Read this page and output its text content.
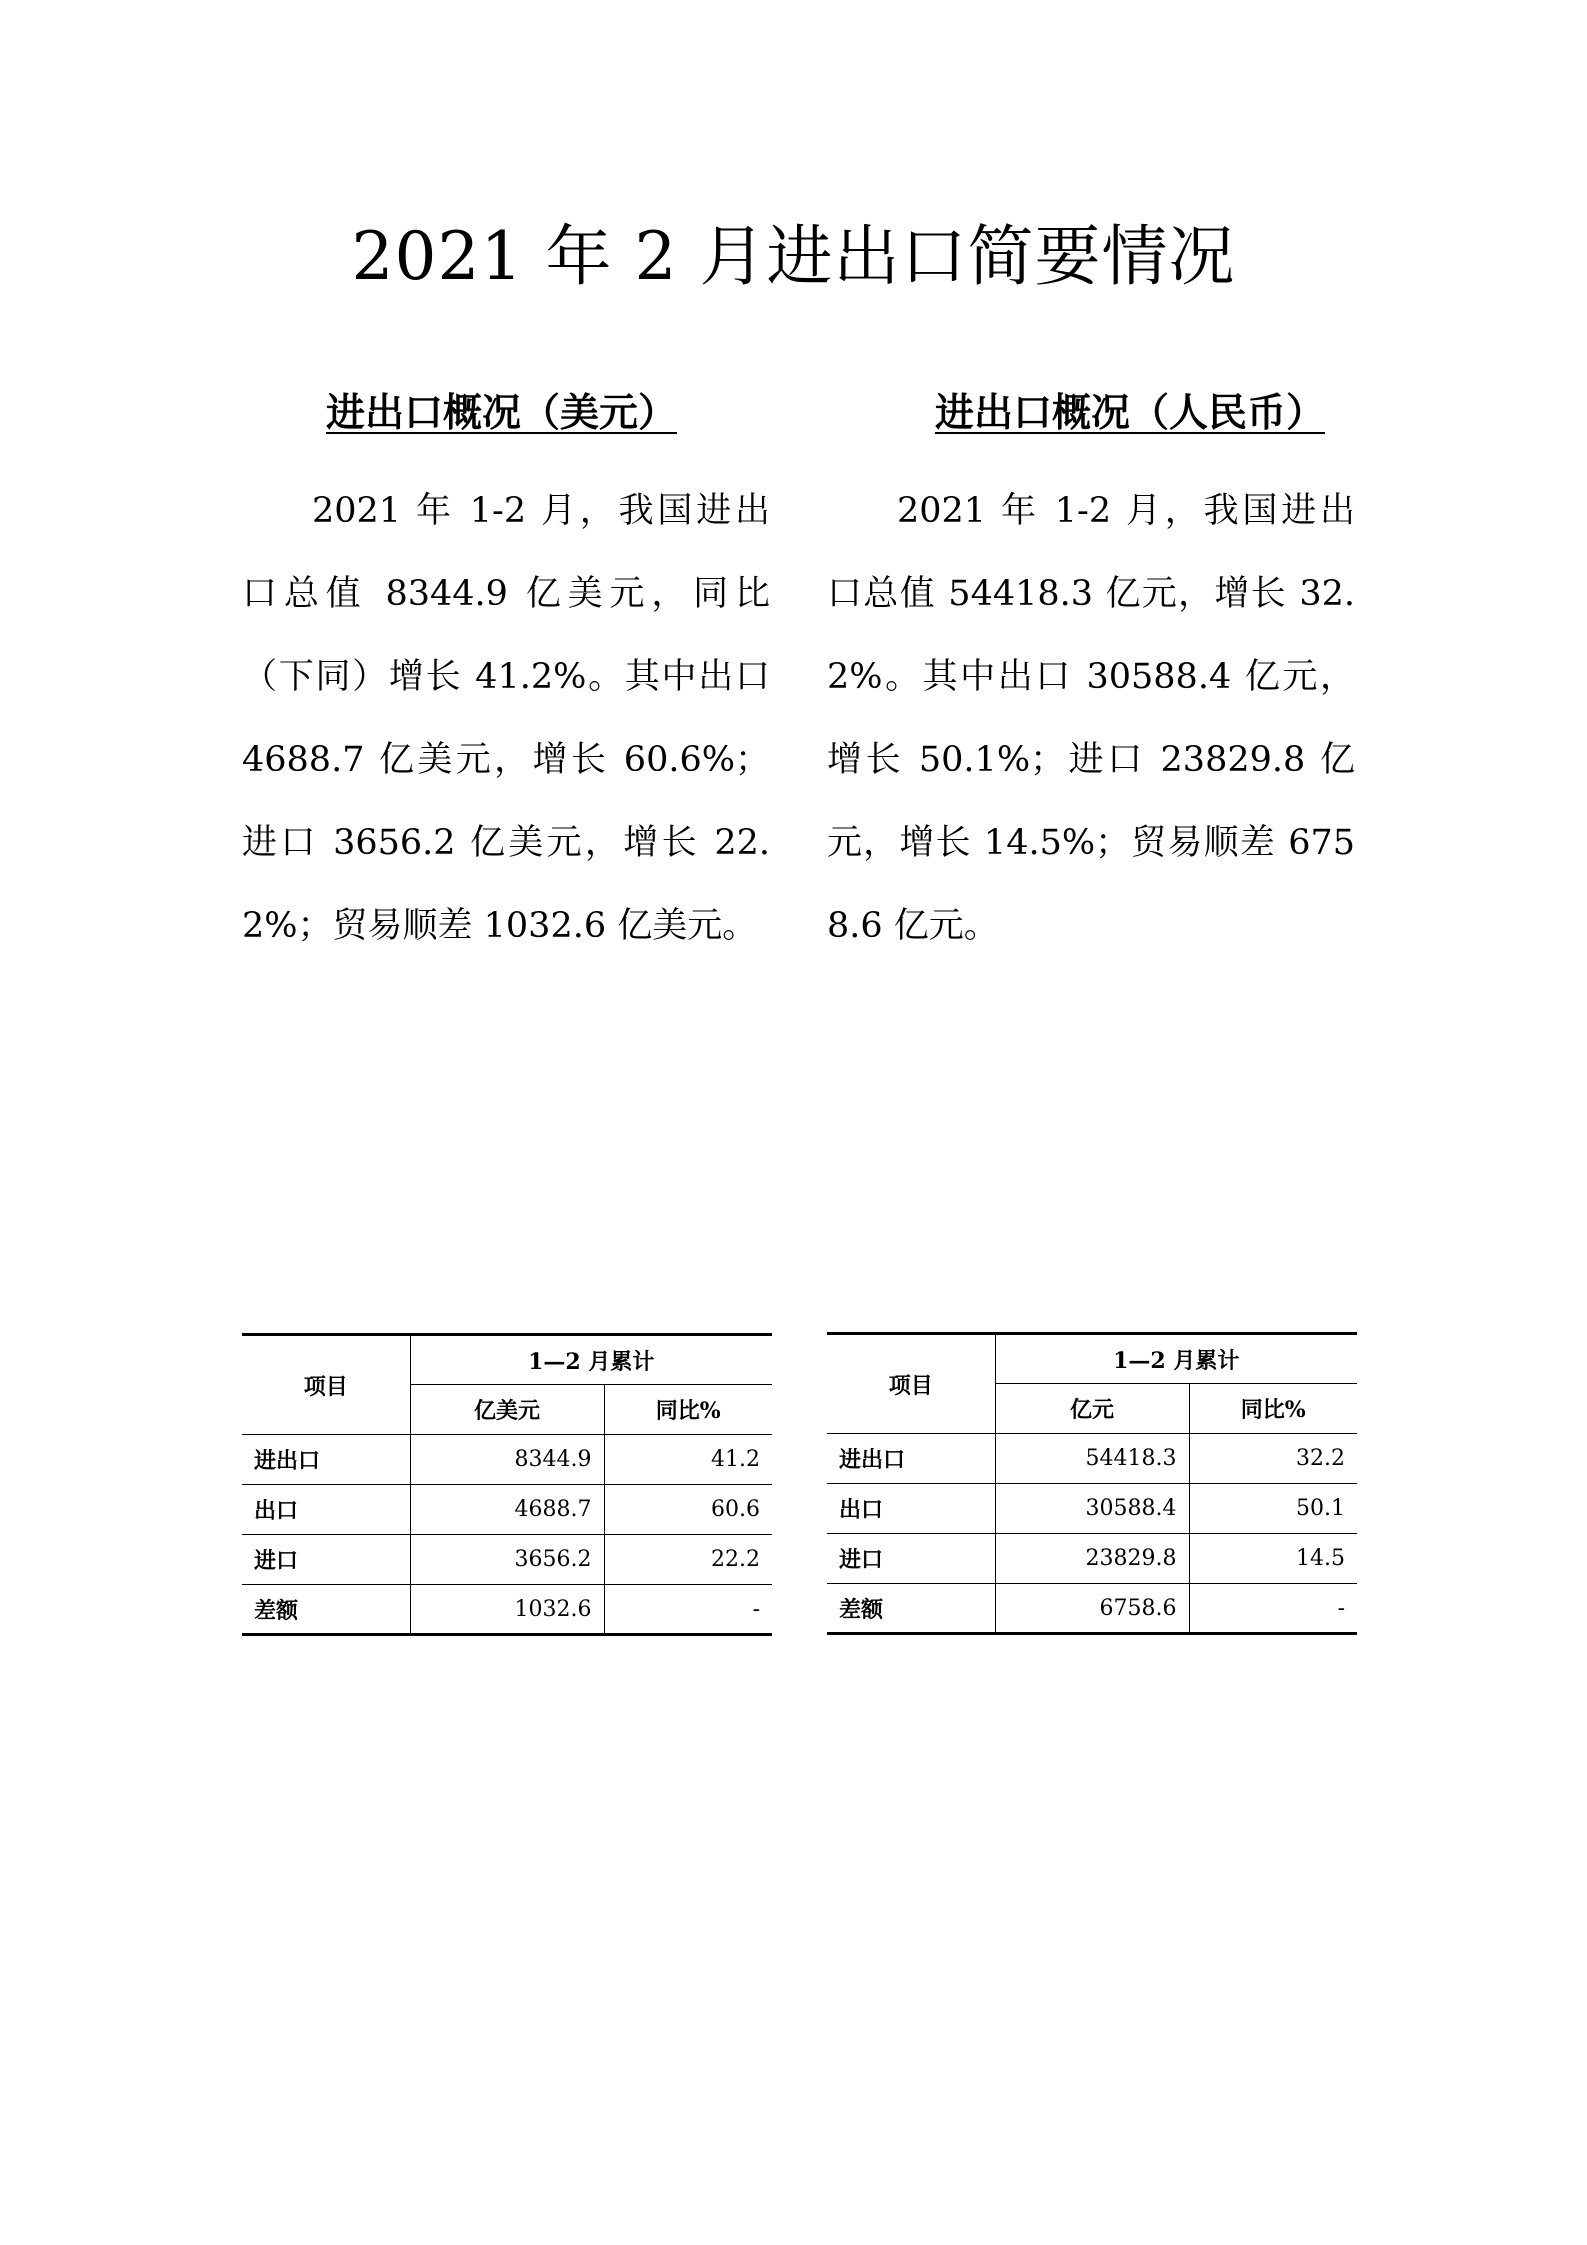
2021 年 2 月进出口简要情况
进出口概况（美元）

2021 年 1-2 月，我国进出口总值 8344.9 亿美元，同比（下同）增长 41.2%。其中出口 4688.7 亿美元，增长 60.6%；进口 3656.2 亿美元，增长 22.2%；贸易顺差 1032.6 亿美元。

项目	1—2 月累计	
	亿美元	同比%
进出口	8344.9	41.2
出口	4688.7	60.6
进口	3656.2	22.2
差额	1032.6	-
进出口概况（人民币）

2021 年 1-2 月，我国进出口总值 54418.3 亿元，增长 32.2%。其中出口 30588.4 亿元，增长 50.1%；进口 23829.8 亿元，增长 14.5%；贸易顺差 6758.6 亿元。

项目	1—2 月累计	
	亿元	同比%
进出口	54418.3	32.2
出口	30588.4	50.1
进口	23829.8	14.5
差额	6758.6	-
